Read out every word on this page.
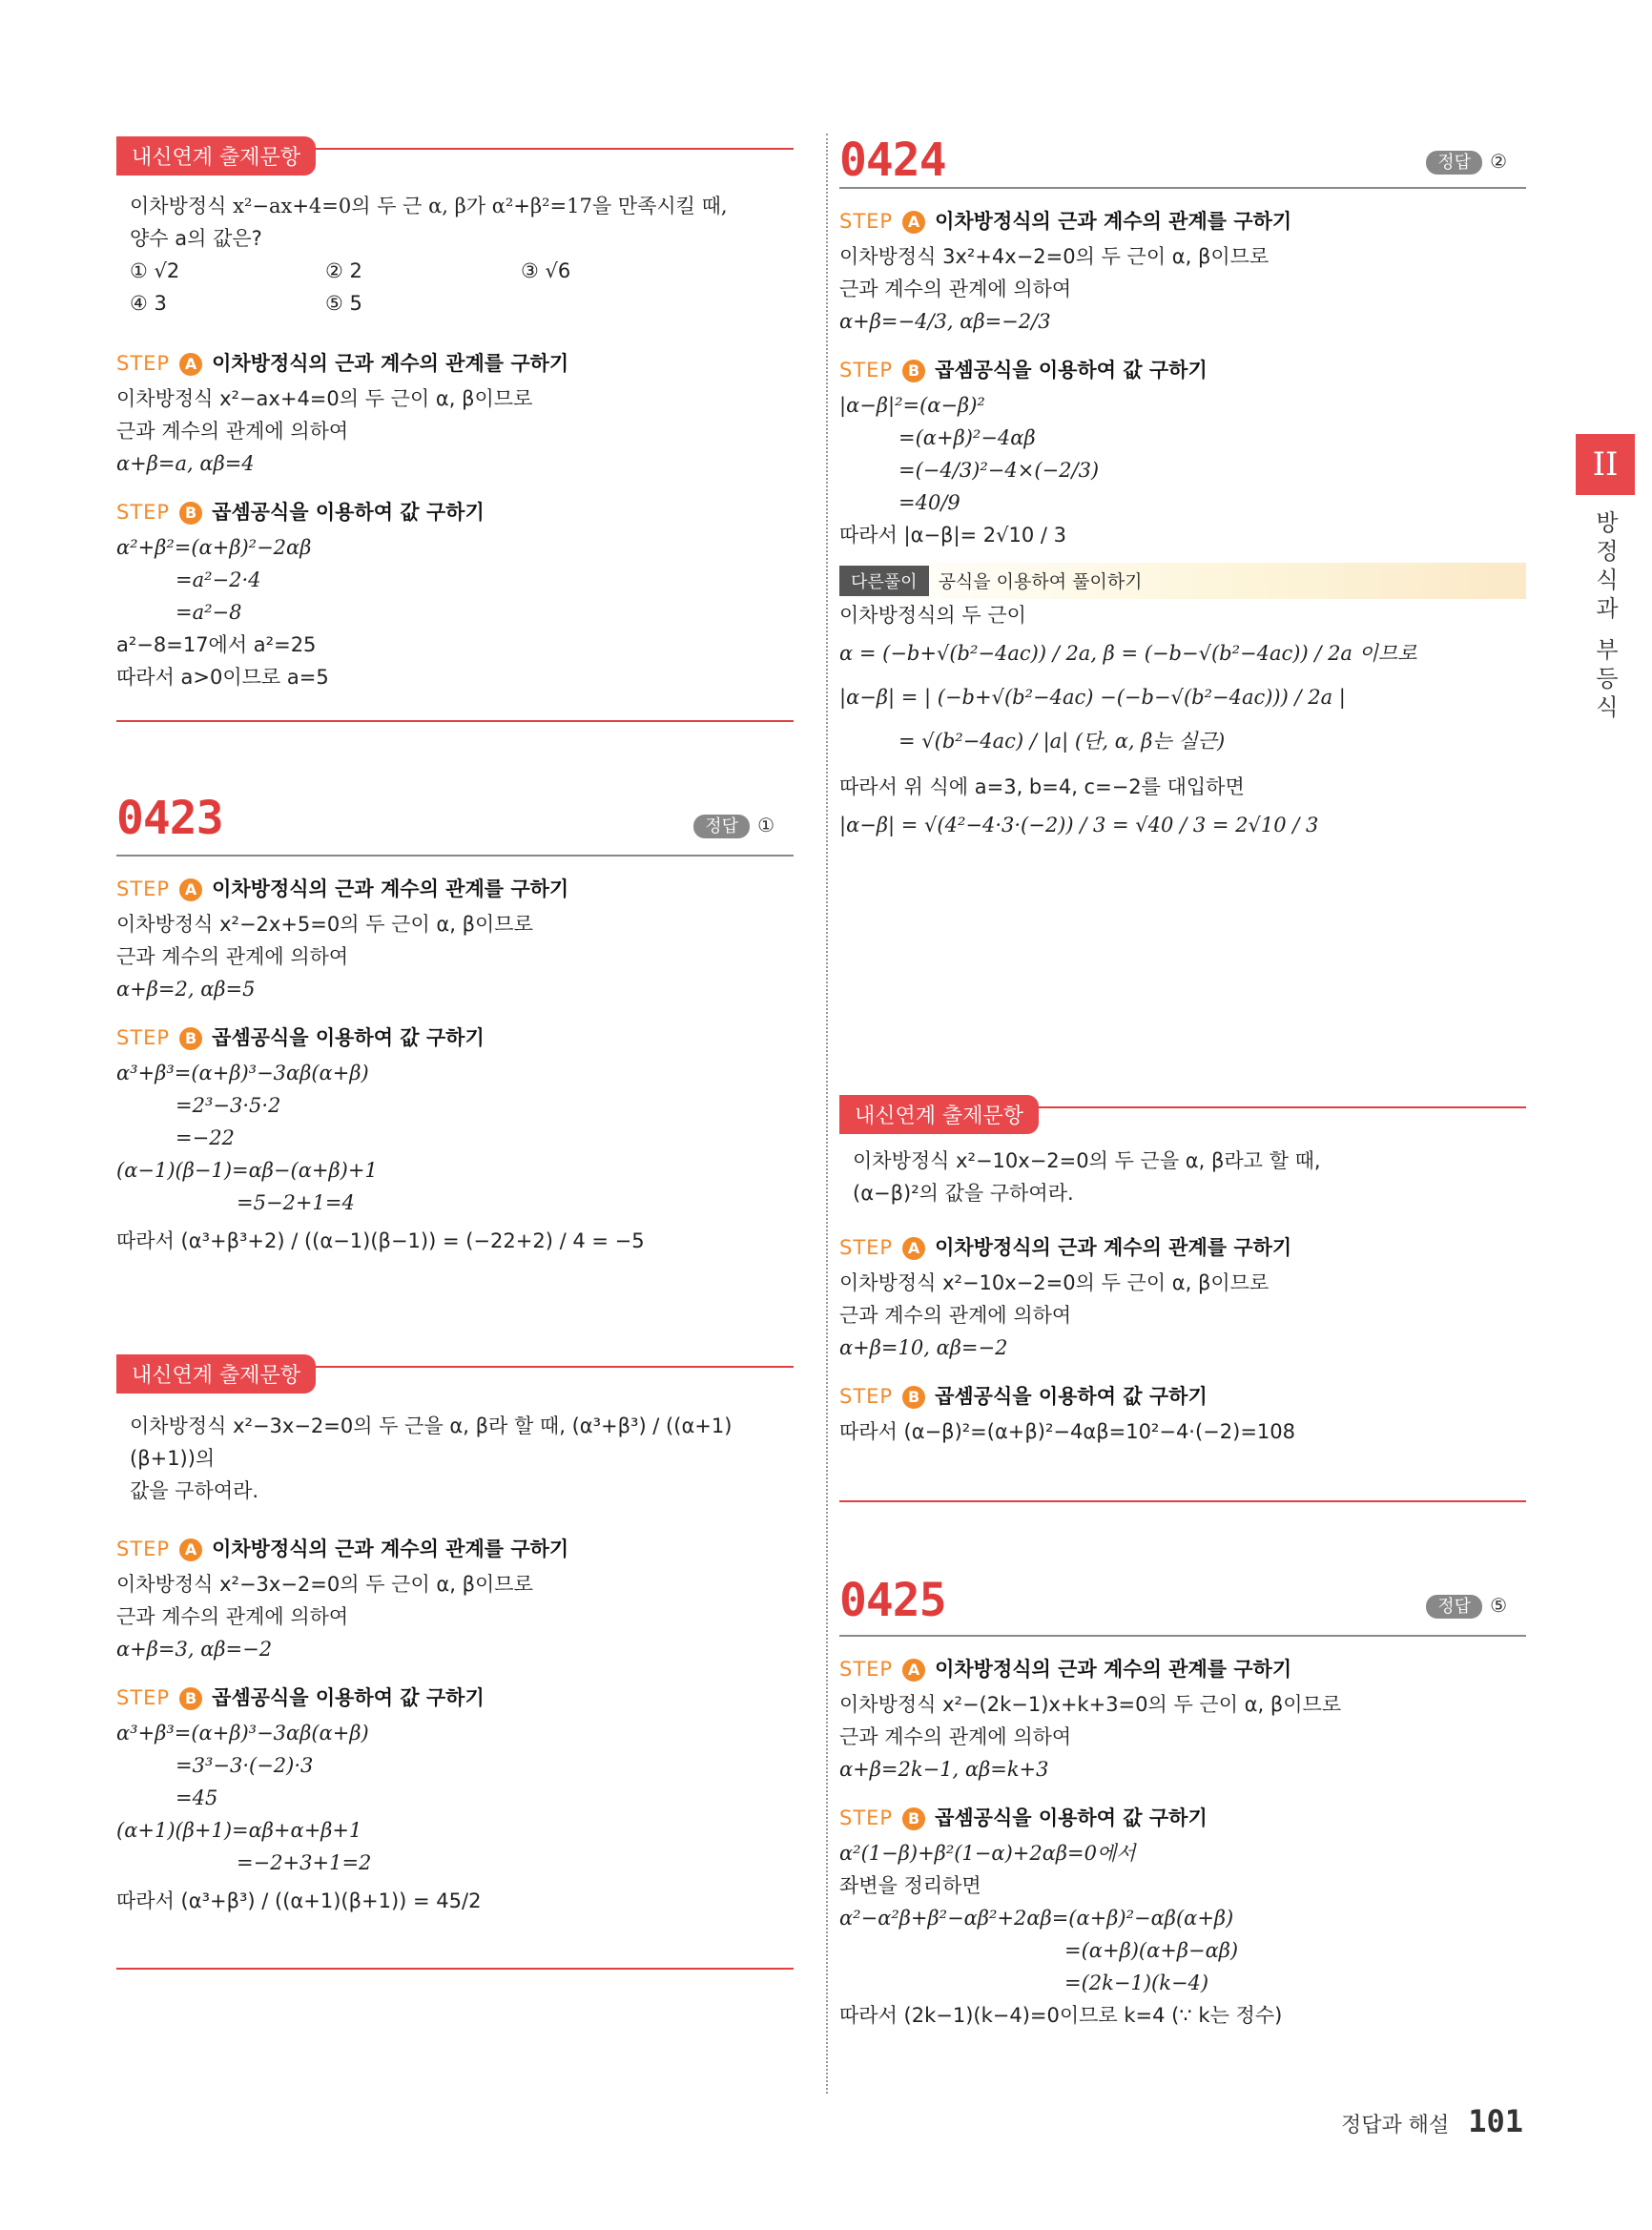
내신연계 출제문항
이차방정식 x²−ax+4=0의 두 근 α, β가 α²+β²=17을 만족시킬 때,
양수 a의 값은?
① √2	② 2	③ √6
④ 3	⑤ 5
STEP A 이차방정식의 근과 계수의 관계를 구하기
이차방정식 x²−ax+4=0의 두 근이 α, β이므로
근과 계수의 관계에 의하여
α+β=a, αβ=4
STEP B 곱셈공식을 이용하여 값 구하기
α²+β²=(α+β)²−2αβ
=a²−2·4
=a²−8
a²−8=17에서 a²=25
따라서 a>0이므로 a=5
0423	정답 ①
STEP A 이차방정식의 근과 계수의 관계를 구하기
이차방정식 x²−2x+5=0의 두 근이 α, β이므로
근과 계수의 관계에 의하여
α+β=2, αβ=5
STEP B 곱셈공식을 이용하여 값 구하기
α³+β³=(α+β)³−3αβ(α+β)
=2³−3·5·2
=−22
(α−1)(β−1)=αβ−(α+β)+1
=5−2+1=4
따라서 (α³+β³+2) / ((α−1)(β−1)) = (−22+2) / 4 = −5
내신연계 출제문항
이차방정식 x²−3x−2=0의 두 근을 α, β라 할 때, (α³+β³) / ((α+1)(β+1))의
값을 구하여라.
STEP A 이차방정식의 근과 계수의 관계를 구하기
이차방정식 x²−3x−2=0의 두 근이 α, β이므로
근과 계수의 관계에 의하여
α+β=3, αβ=−2
STEP B 곱셈공식을 이용하여 값 구하기
α³+β³=(α+β)³−3αβ(α+β)
=3³−3·(−2)·3
=45
(α+1)(β+1)=αβ+α+β+1
=−2+3+1=2
따라서 (α³+β³) / ((α+1)(β+1)) = 45/2
0424	정답 ②
STEP A 이차방정식의 근과 계수의 관계를 구하기
이차방정식 3x²+4x−2=0의 두 근이 α, β이므로
근과 계수의 관계에 의하여
α+β=−4/3, αβ=−2/3
STEP B 곱셈공식을 이용하여 값 구하기
|α−β|²=(α−β)²
=(α+β)²−4αβ
=(−4/3)²−4×(−2/3)
=40/9
따라서 |α−β|= 2√10 / 3
다른풀이 공식을 이용하여 풀이하기
이차방정식의 두 근이
α = (−b+√(b²−4ac)) / 2a, β = (−b−√(b²−4ac)) / 2a 이므로
|α−β| = | (−b+√(b²−4ac) −(−b−√(b²−4ac))) / 2a |
= √(b²−4ac) / |a| (단, α, β는 실근)
따라서 위 식에 a=3, b=4, c=−2를 대입하면
|α−β| = √(4²−4·3·(−2)) / 3 = √40 / 3 = 2√10 / 3
내신연계 출제문항
이차방정식 x²−10x−2=0의 두 근을 α, β라고 할 때,
(α−β)²의 값을 구하여라.
STEP A 이차방정식의 근과 계수의 관계를 구하기
이차방정식 x²−10x−2=0의 두 근이 α, β이므로
근과 계수의 관계에 의하여
α+β=10, αβ=−2
STEP B 곱셈공식을 이용하여 값 구하기
따라서 (α−β)²=(α+β)²−4αβ=10²−4·(−2)=108
0425	정답 ⑤
STEP A 이차방정식의 근과 계수의 관계를 구하기
이차방정식 x²−(2k−1)x+k+3=0의 두 근이 α, β이므로
근과 계수의 관계에 의하여
α+β=2k−1, αβ=k+3
STEP B 곱셈공식을 이용하여 값 구하기
α²(1−β)+β²(1−α)+2αβ=0에서
좌변을 정리하면
α²−α²β+β²−αβ²+2αβ=(α+β)²−αβ(α+β)
=(α+β)(α+β−αβ)
=(2k−1)(k−4)
따라서 (2k−1)(k−4)=0이므로 k=4 (∵ k는 정수)
II
방정식과 부등식
정답과 해설 101
